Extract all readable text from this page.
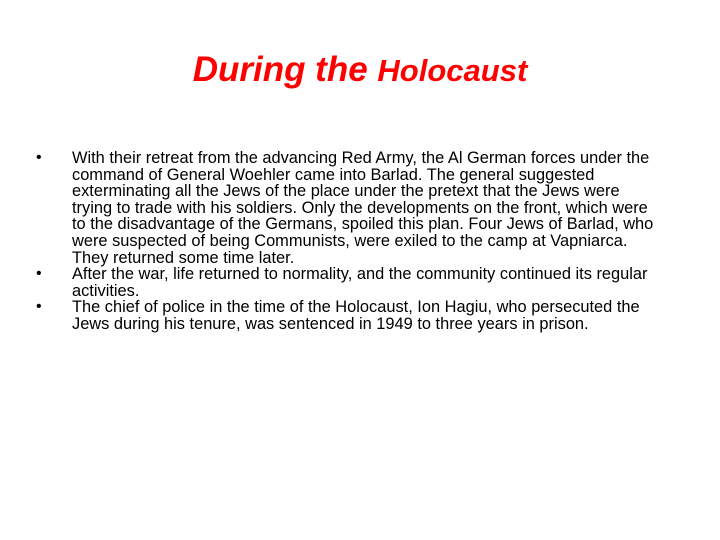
During the Holocaust
•	With their retreat from the advancing Red Army, the Al German forces under the command of General Woehler came into Barlad. The general suggested exterminating all the Jews of the place under the pretext that the Jews were trying to trade with his soldiers. Only the developments on the front, which were to the disadvantage of the Germans, spoiled this plan. Four Jews of Barlad, who were suspected of being Communists, were exiled to the camp at Vapniarca. They returned some time later.
•	After the war, life returned to normality, and the community continued its regular activities.
•	The chief of police in the time of the Holocaust, Ion Hagiu, who persecuted the Jews during his tenure, was sentenced in 1949 to three years in prison.
